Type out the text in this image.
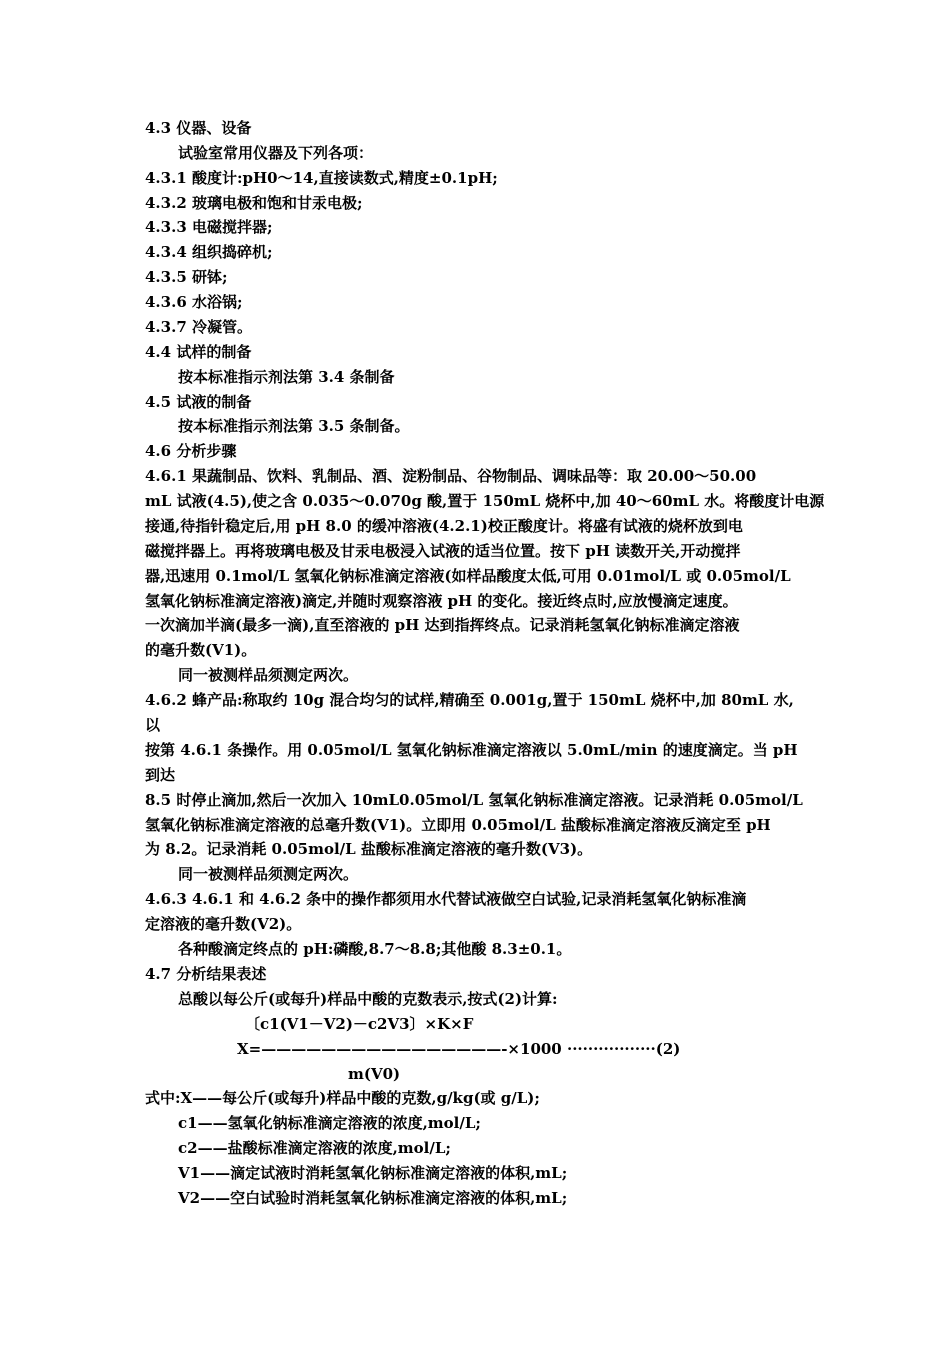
4.3 仪器、设备
试验室常用仪器及下列各项：
4.3.1 酸度计:pH0～14,直接读数式,精度±0.1pH;
4.3.2 玻璃电极和饱和甘汞电极;
4.3.3 电磁搅拌器;
4.3.4 组织捣碎机;
4.3.5 研钵;
4.3.6 水浴锅;
4.3.7 冷凝管。
4.4 试样的制备
按本标准指示剂法第 3.4 条制备
4.5 试液的制备
按本标准指示剂法第 3.5 条制备。
4.6 分析步骤
4.6.1 果蔬制品、饮料、乳制品、酒、淀粉制品、谷物制品、调味品等：取 20.00～50.00
mL 试液(4.5),使之含 0.035～0.070g 酸,置于 150mL 烧杯中,加 40～60mL 水。将酸度计电源
接通,待指针稳定后,用 pH 8.0 的缓冲溶液(4.2.1)校正酸度计。将盛有试液的烧杯放到电
磁搅拌器上。再将玻璃电极及甘汞电极浸入试液的适当位置。按下 pH 读数开关,开动搅拌
器,迅速用 0.1mol/L 氢氧化钠标准滴定溶液(如样品酸度太低,可用 0.01mol/L 或 0.05mol/L
氢氧化钠标准滴定溶液)滴定,并随时观察溶液 pH 的变化。接近终点时,应放慢滴定速度。
一次滴加半滴(最多一滴),直至溶液的 pH 达到指挥终点。记录消耗氢氧化钠标准滴定溶液
的毫升数(V1)。
同一被测样品须测定两次。
4.6.2 蜂产品:称取约 10g 混合均匀的试样,精确至 0.001g,置于 150mL 烧杯中,加 80mL 水,
以
按第 4.6.1 条操作。用 0.05mol/L 氢氧化钠标准滴定溶液以 5.0mL/min 的速度滴定。当 pH
到达
8.5 时停止滴加,然后一次加入 10mL0.05mol/L 氢氧化钠标准滴定溶液。记录消耗 0.05mol/L
氢氧化钠标准滴定溶液的总毫升数(V1)。立即用 0.05mol/L 盐酸标准滴定溶液反滴定至 pH
为 8.2。记录消耗 0.05mol/L 盐酸标准滴定溶液的毫升数(V3)。
同一被测样品须测定两次。
4.6.3 4.6.1 和 4.6.2 条中的操作都须用水代替试液做空白试验,记录消耗氢氧化钠标准滴
定溶液的毫升数(V2)。
各种酸滴定终点的 pH:磷酸,8.7～8.8;其他酸 8.3±0.1。
4.7 分析结果表述
总酸以每公斤(或每升)样品中酸的克数表示,按式(2)计算:
〔c1(V1－V2)－c2V3〕×K×F
X=————————————————-×1000 ·················(2)
m(V0)
式中:X——每公斤(或每升)样品中酸的克数,g/kg(或 g/L);
c1——氢氧化钠标准滴定溶液的浓度,mol/L;
c2——盐酸标准滴定溶液的浓度,mol/L;
V1——滴定试液时消耗氢氧化钠标准滴定溶液的体积,mL;
V2——空白试验时消耗氢氧化钠标准滴定溶液的体积,mL;
